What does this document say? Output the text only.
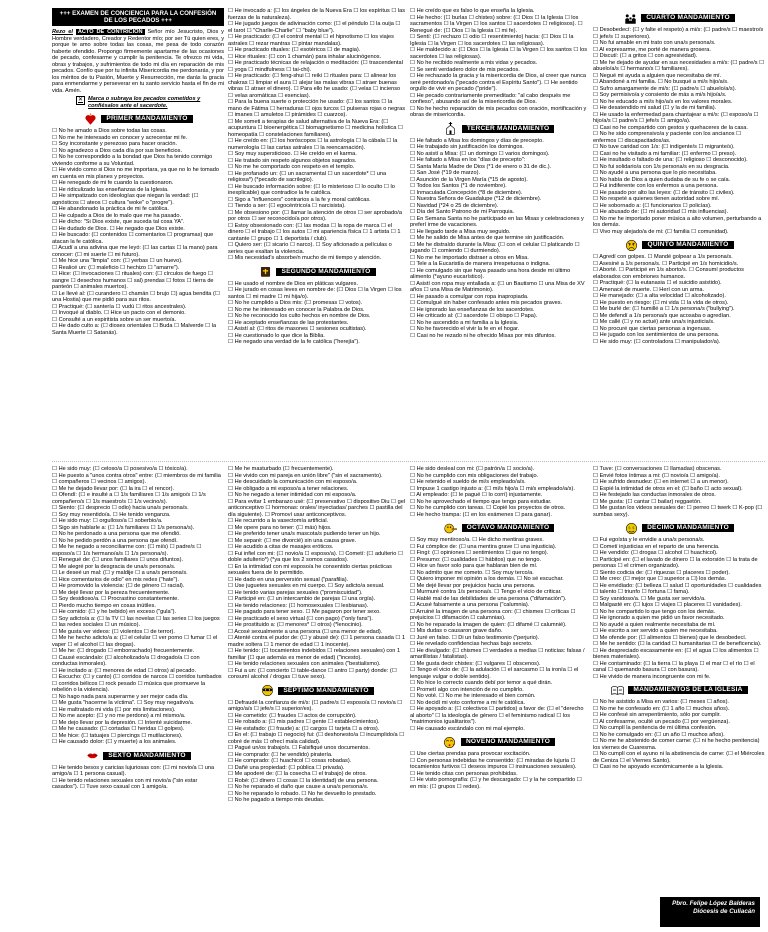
+++ EXAMEN DE CONCIENCIA PARA LA CONFESIÓN DE LOS PECADOS +++
Rezo el ACTO DE CONTRICIÓN Señor mío Jesucristo, Dios y Hombre verdadero, Creador y Redentor mío; por ser Tú quien eres, y porque te amo sobre todas las cosas, me pesa de todo corazón haberte ofendido. Propongo firmemente apartarme de las ocasiones de pecado, confesarme y cumplir la penitencia. Te ofrezco mi vida, obras y trabajos, y sufrimientos de todo mi día en reparación de mis pecados. Confío que por tu infinita Misericordia me perdonarás, y por los méritos de tu Pasión, Muerte y Resurrección, me darás la gracia para enmendarme y perseverar en tu santo servicio hasta el fin de mi vida. Amén.
✕ Marca o subraya los pecados cometidos y confiésalos ante el sacerdote.
PRIMER MANDAMIENTO
☐ No he amado a Dios sobre todas las cosas.
☐ No me he interesado en conocer y acrecentar mi fe.
☐ Soy inconstante y perezoso para hacer oración.
☐ No agradezco a Dios cada día por sus beneficios.
☐ No he correspondido a la bondad que Dios ha tenido conmigo viviendo conforme a su Voluntad.
☐ He vivido como si Dios no me importara, ya que no lo he tomado en cuenta en mis planes y proyectos.
☐ He renegado de mi fe cuando la cuestionaron.
☐ He ridiculizado las enseñanzas de la Iglesia.
☐ He simpatizado con ideologías que niegan la verdad: (☐ agnósticos ☐ ateos ☐ cultura "woke" o "progre").
☐ He abandonado la práctica de mi fe católica.
☐ He culpado a Dios de lo malo que me ha pasado.
☐ He dicho: "Si Dios existe, que suceda tal cosa YA".
☐ He dudado de Dios. ☐ He negado que Dios existe.
☐ He buscado: (☐ contenidos ☐ comentarios ☐ programas) que atacan la fe católica.
☐ Acudí a una adivina que me leyó: (☐ las cartas ☐ la mano) para conocer: (☐ mi suerte ☐ mi futuro).
☐ Me hice una "limpia" con: (☐ yerbas ☐ un huevo).
☐ Realicé un: (☐ maleficio ☐ hechizo ☐ "amarre").
☐ Hice: (☐ invocaciones ☐ rituales) con: (☐ círculos de fuego ☐ sangre ☐ desechos humanos ☐ sal) prendas ☐ fotos ☐ tierra de panteón ☐ animales muertos).
☐ Le llevé al: (☐ curandero ☐ chamán ☐ brujo ☐) agua bendita (☐ una Hostia) que me pidió para sus ritos.
☐ Practiqué: (☐ santería ☐ vudú ☐ ritos ancestrales).
☐ Invoqué al diablo. ☐ Hice un pacto con el demonio.
☐ Consulté a un espiritista sobre un ser muerto/a.
☐ He dado culto a: (☐ dioses orientales ☐ Buda ☐ Malverde ☐ la Santa Muerte ☐ Satanás).
☐ He invocado a: (☐ los ángeles de la Nueva Era ☐ los espíritus ☐ las fuerzas de la naturaleza).
☐ He jugado juegos de adivinación como: (☐ el péndulo ☐ la ouija ☐ el tarot ☐ "Charlie-Charlie" ☐ "baby blue").
☐ He practicado: (☐ el control mental ☐ el hipnotismo ☐ los viajes astrales ☐ rezar mantras ☐ pintar mandalas).
☐ He practicado rituales: (☐ esotéricos ☐ de magia).
☐ Hice rituales: (☐ con 1 chamán) para inhalar alucinógenos.
☐ He practicado técnicas de relajación o meditación: (☐ trascendental ☐ yoga ☐ mindfulness ☐ tai-chi).
☐ He practicado: (☐ feng-shui ☐ reiki ☐ rituales para: ☐ alinear los chakras ☐ limpiar el aura ☐ alejar las malas vibras ☐ atraer buenas vibras ☐ atraer el dinero). ☐ Para ello he usado: (☐ velas ☐ incienso ☐ velas aromáticas ☐ esencias).
☐ Para la buena suerte o protección he usado: (☐ los santos ☐ la mano de Fátima ☐ herraduras ☐ ojos turcos ☐ pulseras rojas o negras ☐ imanes ☐ amuletos ☐ pirámides ☐ cuarzos).
☐ Me someti a terapias de salud alternativa de la Nueva Era: (☐ acupuntura ☐ bioenergética ☐ biomagnetismo ☐ medicina holística ☐ homeopatía ☐ constelaciones familiares).
☐ He creído en: (☐ los horóscopos ☐ la astrología ☐ la cábala ☐ la numerología ☐ las cartas astrales ☐ la reencarnación).
☐ Soy muy supersticioso. ☐ He creído en el karma.
☐ He tratado sin respeto algunos objetos sagrados.
☐ No me he comportado con respeto en el templo.
☐ He profanado un: (☐ un sacramental ☐ un sacerdote* ☐ una religiosa*) (*pecado de sacrilegio).
☐ He buscado información sobre: (☐ lo misterioso ☐ lo oculto ☐ lo inexplicable) que contradice la fe católica.
☐ Sigo a "influencers" contrarios a la fe y moral católicas.
☐ Tiendo a ser: (☐ egocéntrico/a ☐ narcisista).
☐ Me obsesiono por: (☐ llamar la atención de otros ☐ ser aprobado/a por otros ☐ ser reconocido/a por otros).
☐ Estoy obsesionado con: (☐ las modas ☐ la ropa de marca ☐ el dinero ☐ el trabajo ☐ los autos ☐ mi apariencia física ☐ 1 artista ☐ 1 cantante ☐ grupo ☐ 1 deportista / club).
☐ Quiero ser: (☐ sicario ☐ narco). ☐ Soy aficionado a películas o series que exaltan la violencia.
☐ Mis necesidad's absorbe/n mucho de mi tiempo y atención.
SEGUNDO MANDAMIENTO
☐ He usado el nombre de Dios en pláticas vulgares.
☐ He jurado en cosas leves en nombre de: (☐ Dios ☐ la Virgen ☐ los santos ☐ mi madre ☐ mi hija/o).
☐ No he cumplido a Dios mis: (☐ promesas ☐ votos).
☐ No me he interesado en conocer la Palabra de Dios.
☐ No he reconocido los culto hechos en nombre de Dios.
☐ He aceptado enseñanzas de las protestantes.
☐ Asistí al: (☐ ritos de masones ☐ sesiones ocultistas).
☐ He cuestionado lo que dice la Biblia.
☐ He negado una verdad de la fe católica ("herejía").
☐ He creído que es falso lo que enseña la Iglesia.
☐ He hecho: (☐ burlas ☐ chistes) sobre: (☐ Dios ☐ la Iglesia ☐ los sacramentos ☐ la Virgen ☐ los santos ☐ sacerdotes ☐ religiosos). ☐ Renegué de: (☐ Dios ☐ la Iglesia ☐ mi fe).
☐ Sentí: (☐ rechazo ☐ odio ☐ resentimiento) hacia: (☐ Dios ☐ la Iglesia ☐ la Virgen ☐ los sacerdotes ☐ las religiosas).
☐ He maldecido a: (☐ Dios ☐ la Iglesia ☐ la Virgen ☐ los santos ☐ los sacerdotes ☐ las religiosas).
☐ No he recibido realmente a mis vidas y pecados.
☐ Se senti verdadero dolor de mis pecados.
☐ He rechazado la gracia y la misericordia de Dios, al creer que nunca seré perdonado/a ("pecado contra el Espíritu Santo"). ☐ He sentido orgullo de vivir en pecado ("pride").
☐ He pecado contrariamente premeditado: "al cabo después me confieso", abusando así de la misericordia de Dios.
☐ No he hecho reparación de mis pecados con oración, mortificación y obras de misericordia.
TERCER MANDAMIENTO
☐ He faltado a Misa los domingos y días de precepto.
☐ He trabajado sin justificación los domingos.
☐ No asistí a Misa: (☐ un domingo ☐ varios domingos).
☐ He faltado a Misa en los "días de precepto":
☐ Santa María Madre de Dios (*1 de enero o 31 de dic.).
☐ San José (*19 de marzo).
☐ Asunción de la Virgen María (*15 de agosto).
☐ Todos los Santos (*1 de noviembre).
☐ Inmaculada Concepción (*8 de diciembre).
☐ Nuestra Señora de Guadalupe (*12 de diciembre).
☐ Navidad (*24 o 25 de diciembre).
☐ Día del Santo Patrono de mi Parroquia.
☐ En Semana Santa no he participado en las Misas y celebraciones y preferí irme de vacaciones.
☐ He llegado tarde a Misa muy seguido.
☐ Me he salido de Misa antes de que termine sin justificación.
☐ Me he distraído durante la Misa: (☐ con el celular ☐ platicando ☐ jugando ☐ comiendo ☐ durmiendo).
☐ No me he importado distraer a otros en Misa.
☐ Tele a la Eucaristía de manera irrespetuosa o indigna.
☐ He comulgado sin que haya pasado una hora desde mi último alimento (*ayuno eucarístico).
☐ Asistí con ropa muy entallada a: (☐ un Bautismo ☐ una Misa de XV años ☐ una Misa de Matrimonio).
☐ He pasado a comulgar con ropa inapropiada.
☐ Comulgué sin haber confesado antes mis pecados graves.
☐ He ignorado las enseñanzas de los sacerdotes.
☐ He criticado al: (☐ sacerdote ☐ obispo ☐ Papa).
☐ No he ascendido a mi familia a la Iglesia.
☐ No he favorecido el vivir la fe en el hogar.
☐ Casi no he rezado ni he ofrecido Misas por mis difuntos.
CUARTO MANDAMIENTO
☐ Desobedecí: (☐ y falte el respeto) a mi/s: (☐ padre/s ☐ maestro/s ☐ jefe/s ☐ superiores).
☐ No fui amable en mi trato con una/s persona/s.
☐ Al expresarme, me porté de manera grosera.
☐ Discutí: (☐ a gritos ☐ con agresividad).
☐ Me he dejado de ayudar en sus necesidades a mi/s: (☐ padre/s ☐ abuelo/a/s ☐ hermano/s ☐ familiares).
☐ Negué mi ayuda a alguien que necesitaba de mí.
☐ Abandoné a mi familia. ☐ No busqué a mi/s hijo/a/s.
☐ Sufro amargamente de mi/s: (☐ padre/s ☐ abuelo/a/s).
☐ Soy permisivo/a y consiento de más a mi/s hijo/a/s.
☐ No he educado a mi/s hijo/a/s en los valores morales.
☐ He desatendido mi salud (☐ y la de mi familia).
☐ He usado la enfermedad para chantajear a mi/s: (☐ esposo/a ☐ hijo/a/s ☐ padre/s ☐ jefe/s ☐ amigo/a).
☐ Casi no he compartido con gestos y quehaceres de la casa.
☐ No he sido comprensivo/a y paciente con los ancianos ☐ enfermos ☐ discapacitados/as.
☐ No tuve caridad con 1/s: (☐ indigente/s ☐ migrante/s).
☐ Casi no he visitado a mi familiar: (☐ enfermo ☐ preso).
☐ He insultado o faltado de una: (☐ religioso ☐ desconocido).
☐ No fui solidario/a con 1/s persona/s en su desgracia.
☐ No ayudé a una persona que lo pio necesitaba.
☐ No había de Dios a quien dudaba de su fe o se caía.
☐ Fui indiferente con los enfermos a una persona.
☐ He pasado por alto las leyes: (☐ de tránsito ☐ civiles).
☐ No respeté a quienes tienen autoridad sobre mí.
☐ He sobornado a: (☐ funcionarios ☐ policías).
☐ He abusado de: (☐ mi autoridad ☐ mis influencias).
☐ No me he importado poner música a alto volumen, perturbando a los demás.
☐ Vivo muy alejado/a de mi: (☐ familia ☐ comunidad).
QUINTO MANDAMIENTO
☐ Agredí con golpes. ☐ Mandé golpear a 1/s persona/s.
☐ Asesiné a 1/s persona/s. ☐ Participé en 1/s homicidio/s.
☐ Aborté. ☐ Participé en 1/s aborto/s. ☐ Consumí productos elaborados con embriones humanos.
☐ Practiqué: (☐ la eutanasia ☐ el suicidio asistido).
☐ Amenacé de muerte. ☐ Herí con un arma.
☐ He manejado: (☐ a alta velocidad ☐ alcoholizado).
☐ He puesto en riesgo: (☐ mi vida ☐ la vida de otros).
☐ Me burlé de: (☐ humillé a ☐ 1/s persona/s ("bullying").
☐ Me defendí a 1/s persona/s que acosaba o agredían.
☐ Me callé (☐ y no actué) ante una/s injusticia/s.
☐ No procuré que ciertas personas a ingenuas.
☐ He jugado con los sentimientos de una persona.
☐ He sido muy: (☐ controladora ☐ manipulador/a).
☐ He sido muy: (☐ celoso/a ☐ posesivo/a ☐ tóxico/a).
☐ He puesto a "unos contra otros" entre: (☐ miembros de mi familia ☐ compañeros ☐ vecinos ☐ amigos).
☐ Me he dejado llevar por: (☐ la ira ☐ el rencor).
☐ Ofendí: (☐ e insulté a ☐ 1/s familiares ☐ 1/s amigo/s ☐ 1/s compañero/s ☐ 1/s maestro/s ☐ 1/s vecino/s).
☐ Siento: (☐ desprecio ☐ odio) hacia una/s persona/s.
☐ Soy muy resentido/a. ☐ He tenido venganza.
☐ He sido muy: ☐ orgulloso/a ☐ soberbio/a.
☐ Sigo sin hablarle a: (☐ 1/s familiares ☐ 1/s persona/s).
☐ No he perdonado a una persona que me ofendió.
☐ No he pedido perdón a una persona que ofendí.
☐ Me he negado a reconciliarme con: (☐ mi/s) ☐ padre/s ☐ esposo/a ☐ 1/s hermano/a/s ☐ 1/s persona/s).
☐ Renegué de: (☐ unos familiares ☐ unos difuntos).
☐ Me alegré por la desgracia de una/s persona/s.
☐ Le deseé un mal: (☐ y maldije ☐ a una/s persona/s.
☐ Hice comentarios de odio" en mis redes ("hate").
☐ He promovido la violencia: (☐ de género ☐ racial).
☐ Me dejé llevar por la pereza frecuentemente.
☐ Soy desidioso/a. ☐ Procrastino constantemente.
☐ Pierdo mucho tiempo en cosas inútiles.
☐ He comido: (☐ y he bebido) en exceso ("gula").
☐ Soy adicto/a a: (☐ la TV ☐ las novelas ☐ las series ☐ los juegos ☐ las redes sociales ☐ un músico).
☐ Me gusta ver videos: (☐ violentos ☐ de terror).
☐ Me he hecho adicto/a a: (☐ el celular ☐ ver porno ☐ fumar ☐ el vaper ☐ el alcohol ☐ las drogas).
☐ Me he: (☐ drogado ☐ emborrachado) frecuentemente.
☐ Causé escándalo: (☐ alcoholizado/a ☐ drogado/a ☐ con conductas inmorales).
☐ He incitado a: (☐ menores de edad ☐ otros) al pecado.
☐ Escucho: (☐ y canto) (☐ corridos de narcos ☐ corridos tumbados ☐ corridos bélicos ☐ rock pesado ☐ música que promueve la rebelión o la violencia).
☐ No hago nada para superarme y ser mejor cada día.
☐ Me gusta "hacerme la víctima". ☐ Soy muy negativo/a.
☐ He maltratado mi vida (☐ por mis limitaciones).
☐ No me acepto: (☐ y no me perdono) a mí mismo/a.
☐ Me dejo llevar por la depresión. ☐ Intenté suicidarme.
☐ Me he causado: (☐ cortadas ☐ heridas ☐ golpes).
☐ Me hice: (☐ tatuajes ☐ piercings ☐ mutilaciones).
☐ He causado dolor: (☐ y muerte) a los animales.
SEXTO MANDAMIENTO
☐ He tenido besos y caricias lujuriosas con: (☐ mi novio/a ☐ una amigo/a ☐ 1 persona casual).
☐ He tenido relaciones sexuales con mi novio/a ("sin estar casados"). ☐ Tuve sexo casual con 1 amigo/a.
☐ Me he masturbado (☐ frecuentemente).
☐ He vivido con mi pareja en unión libre" ("sin el sacramento).
☐ He descuidado la comunicación con mi esposo/a.
☐ He obligado a mi esposo/a a tener relaciones.
☐ No he negado a tener intimidad con mi esposo/a.
☐ Para evitar 1 embarazo usé: (☐ preservativo ☐ dispositivo Diu ☐ gel anticonceptivo ☐ hormonas: orales/ inyectadas/ parches ☐ pastilla del día siguiente). ☐ Promoví usar anticonceptivos.
☐ He recurrido a la vasectomía artificial.
☐ Me opere para no tener: (☐ más) hijos.
☐ He preferido tener una/s mascota/s pudiendo tener un hijo.
☐ Me separé: (☐ me divorcié) sin una causa grave.
☐ He acudido a citas de masajes eróticos.
☐ Fui infiel con mi: (☐ novio/a ☐ esposo/a). ☐ Cometí: (☐ adulterio ☐ doble adulterio*) (*ya que los 2 somos casados).
☐ En la intimidad con mi esposo/a he consentido ciertas prácticas sexuales fuera de lo permitido.
☐ He dado en una perversión sexual ("parafilia).
☐ Use juguetes sexuales en mi cuerpo. ☐ Soy adicto/a sexual.
☐ He tenido varias parejas sexuales ("promiscuidad").
☐ Participé en: (☐ un intercambio de parejas ☐ una orgía).
☐ He tenido relaciones: (☐ homosexuales ☐ lesbianas).
☐ He pagado para tener sexo. ☐ Me pagaron por tener sexo.
☐ He practicado el sexo virtual (☐ con pago) ("only fans").
☐ He prostituido a: (☐ menores* ☐ otros) (*lenocinio).
☐ Acosé sexualmente a una persona (☐ una menor de edad).
☐ Atenté contra el pudor de: (☐ y abusé de): (☐ 1 persona casada ☐ 1 madre soltera ☐ 1 menor de edad ☐ 1 inocente).
☐ He tenido: (☐ tocamientos indebidos ☐ relaciones sexuales) con 1 familiar (☐ que además es menor de edad) ("incesto).
☐ He tenido relaciones sexuales con animales ("bestialismo).
☐ Fui a un: (☐ concierto ☐ table-dance ☐ antro ☐ party) donde: (☐ consumí alcohol / drogas ☐ tuve sexo).
SÉPTIMO MANDAMIENTO
☐ Defraudé la confianza de mi/s: (☐ padre/s ☐ esposo/a ☐ novio/a ☐ amigo/a/s ☐ jefe/s ☐ superior/es).
☐ He cometido: (☐ fraudes ☐ actos de corrupción).
☐ He robado a: (☐ mis padres ☐ gente ☐ establecimientos).
☐ He estafado: (☐ fraude) a: (☐ cargos ☐ tarjeta ☐ a otros).
☐ En el: (☐ trabajo ☐ negocio) fui: (☐ deshonesto/a ☐ incumplido/a ☐ cobré de más ☐ ofrecí mala calidad).
☐ Pagué un/os trabajo/s. ☐ Falsifiqué unos documentos.
☐ He comprado: (☐ he vendido) piratería.
☐ He comprado: (☐ huachicol ☐ cosas robadas).
☐ Dañé una propiedad: (☐ pública ☐ privada).
☐ Me apoderé de: (☐ la cosecha ☐ el trabajo) de otros.
☐ Robé: (☐ dinero ☐ cosas ☐ la identidad) de una persona.
☐ No he reparado el daño que cause a una/s persona/s.
☐ No he reparado lo robado. ☐ No he devuelto lo prestado.
☐ No he pagado a tiempo mis deudas.
☐ He sido desleal con mi: (☐ patrón/a ☐ socio/a).
☐ No he cumplido con mis obligaciones del trabajo.
☐ He retenido el sueldo de mi/s empleado/a/s.
☐ Impuse 1 castigo injusto a: (☐ mi/s hijo/a ☐ mi/s empleado/a/s).
☐ Al empleado: (☐ le pagué ☐ lo corrí) injustamente.
☐ No he aprovechado el tiempo que tengo para estudiar.
☐ No he cumplido con tareas. ☐ Copié los proyectos de otros.
☐ He hecho trampa: (☐ en los exámenes ☐ para ganar).
OCTAVO MANDAMIENTO
☐ Soy muy mentiroso/a. ☐ He dicho mentiras graves.
☐ Fui cómplice de: (☐ una mentira grave ☐ una injusticia).
☐ Fingí: (☐ opiniones ☐ sentimientos ☐ que no tengo).
☐ Presumo: (☐ cualidades ☐ hábitos) que no tengo.
☐ Hice un favor solo para que hablaran bien de mí.
☐ No admito que me cometo. ☐ Soy muy terco/a.
☐ Quiero imponer mi opinión a los demás. ☐ No sé escuchar.
☐ Me dejé llevar por prejuicios hacia una persona.
☐ Murmuré contra 1/s persona/s. ☐ Tengo el vicio de criticar.
☐ Hablé mal de las debilidades de una persona ("difamación").
☐ Acusé falsamente a una persona ("calumnia).
☐ Arruiné la imagen de una persona con: (☐ chismes ☐ críticas ☐ prejuicios ☐ difamación ☐ calumnias).
☐ No he reparado la imagen de quien: (☐ difamé ☐ calumnié).
☐ Mis dudas o causaron grave daño.
☐ Juré en falso. ☐ Di un falso testimonio ("perjurio).
☐ He revelado confidencias hechas bajo secreto.
☐ He divulgado: (☐ chismes ☐ verdades a medias ☐ noticias: falsas / amarillistas / fatalistas).
☐ Me gusta decir chistes: (☐ vulgares ☐ obscenos).
☐ Tengo el vicio de: (☐ la adulación ☐ el sarcasmo ☐ la ironía ☐ el lenguaje vulgar o doble sentido).
☐ No hice lo correcto cuando debí por temor a qué dirán.
☐ Prometí algo con intención de no cumplirlo.
☐ No voté. ☐ No me he interesado el bien común.
☐ No decidí mi voto conforme a mi fe católica.
☐ He apoyado a: (☐ colectivos ☐ partidos) a favor de: (☐ el "derecho al aborto" ☐ la ideología de género ☐ el feminismo radical ☐ los "matrimonios igualitarios").
☐ He causado escándalo con mi mal ejemplo.
NOVENO MANDAMIENTO
☐ Use ciertas prendas para provocar excitación.
☐ Con personas indebidas he consentido: (☐ miradas de lujuria ☐ tocamientos furtivos ☐ deseos impuros ☐ insinuaciones sexuales).
☐ He tenido citas con personas prohibidas.
☐ He visto pornografía: (☐ y he descargado: ☐ y la he compartido ☐ en mis: (☐ grupos ☐ redes).
☐ Tuve: (☐ conversaciones ☐ llamadas) obscenas.
☐ Envié fotos íntimas a mi: (☐ novio/a ☐ amigo/a).
☐ He sufrido desnudez: (☐ en internet ☐ a un menor).
☐ Espié la intimidad de otros en el: (☐ baño ☐ acto sexual).
☐ He festejado las conductas inmorales de otros.
☐ Me gusta: (☐ cantar ☐ bailar) reggaetón.
☐ Me gustan los videos sexuales de: ☐ perreo ☐ twerk ☐ K-pop (☐ sumbas sexy).
$ $	DÉCIMO MANDAMIENTO
☐ Fui egoísta y le envidie a una/s persona/s.
☐ Cometí injusticias en el reparto de una herencia.
☐ He vendido: (☐ drogas ☐ alcohol ☐ huachicol).
☐ Participé en: (☐ el lavado de dinero ☐ la extorsión ☐ la trata de personas ☐ el crimen organizado).
☐ Siento codicia de: (☐ riquezas ☐ placeres ☐ poder).
☐ Me creo: (☐ mejor que ☐ superior a ☐) los demás.
☐ He envidiado: (☐ belleza ☐ salud ☐ oportunidades ☐ cualidades ☐ talento ☐ triunfo ☐ fortuna ☐ fama).
☐ Soy vanidoso/a. ☐ Me gusta ser servido/a.
☐ Malgasté en: (☐ lujos ☐ viajes ☐ placeres ☐ vanidades).
☐ No he compartido lo que tengo con los demás.
☐ He ignorado a quien me pidió un favor necesitado.
☐ No ayudé a quien realmente necesitaba de mí.
☐ He escrito a ser servido a quien me necesitaba.
☐ Me ofende por: (☐ alimentos ☐ bienes) que le desobedecí.
☐ Me he sentido: (☐ la caridad ☐ humanitarias ☐ de beneficencia).
☐ He despreciado escasamente en: (☐ el agua ☐ los alimentos ☐ bienes materiales).
☐ He contaminado: (☐ la tierra ☐ la playa ☐ el mar ☐ el río ☐ el canal ☐ quemando basura ☐ con basura).
☐ He vivido de manera incongruente con mi fe.
MANDAMIENTOS DE LA IGLESIA
☐ No he asistido a Misa en varios: (☐ meses ☐ años).
☐ No me he confesado en: (☐ 1 año ☐ muchos años).
☐ He confesé sin arrepentimiento, sólo por cumplir.
☐ Al confesarme, oculté un pecado (☐ por vergüenza).
☐ No cumplí la penitencia de mi última confesión.
☐ No he comulgado en: (☐ un año ☐ muchos años).
☐ No me he abstenido de comer carne: (☐ ni he hecho penitencia) los viernes de Cuaresma.
☐ No cumplí con el ayuno ni la abstinencia de carne: (☐ el Miércoles de Ceniza ☐ el Viernes Santo).
☐ Casi no he apoyado económicamente a la Iglesia.
Pbro. Felipe López Balderas
Diócesis de Culiacán
